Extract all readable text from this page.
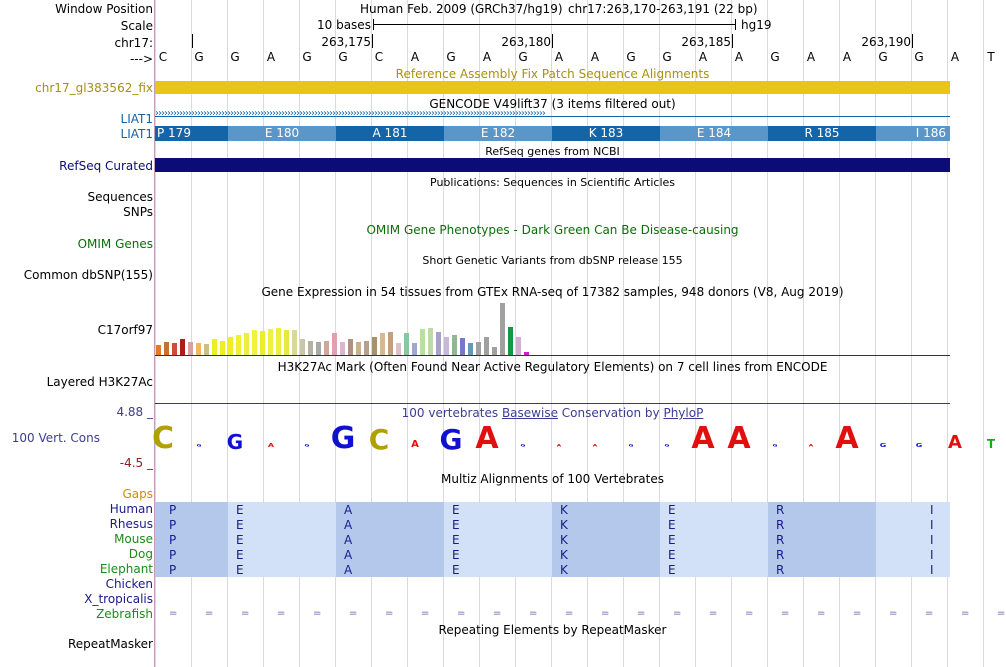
Window Position
Scale
chr17:
--->
chr17_gl383562_fix
LIAT1
LIAT1
RefSeq Curated
Sequences
SNPs
OMIM Genes
Common dbSNP(155)
C17orf97
Layered H3K27Ac
4.88 _
100 Vert. Cons
-4.5 _
Gaps
Human
Rhesus
Mouse
Dog
Elephant
Chicken
X_tropicalis
Zebrafish
RepeatMasker
Human Feb. 2009 (GRCh37/hg19) chr17:263,170-263,191 (22 bp)
10 bases	hg19
Reference Assembly Fix Patch Sequence Alignments
GENCODE V49lift37 (3 items filtered out)
››››››››››››››››››››››››››››››››››››››››››››››››››››››››››››››››››››››››››››››››››››››››››››››››››››››››››››››››››››››››››››››››››
RefSeq genes from NCBI
Publications: Sequences in Scientific Articles
OMIM Gene Phenotypes - Dark Green Can Be Disease-causing
Short Genetic Variants from dbSNP release 155
Gene Expression in 54 tissues from GTEx RNA-seq of 17382 samples, 948 donors (V8, Aug 2019)
H3K27Ac Mark (Often Found Near Active Regulatory Elements) on 7 cell lines from ENCODE
100 vertebrates Basewise Conservation by PhyloP
C	G	G	A	G G C	A G A	G	A	A	G	G A A	G	A A	G	G	A	T
Multiz Alignments of 100 Vertebrates
P	E	A	E	K	E	R	I
P	E	A	E	K	E	R	I
P	E	A	E	K	E	R	I
P	E	A	E	K	E	R	I
P	E	A	E	K	E	R	I
=	=	=	=	=	=	=	=	=	=	=	=	=	=	=	=	=	=	=	=	=	=	=	=
Repeating Elements by RepeatMasker
263,175	263,180	263,185	263,190
C	G	G	A	G	G	C	A	G	A	G	A	A	G	G	A	A	G	A	A	G	G	A	T
P 179	E 180	A 181	E 182	K 183	E 184	R 185	I 186
